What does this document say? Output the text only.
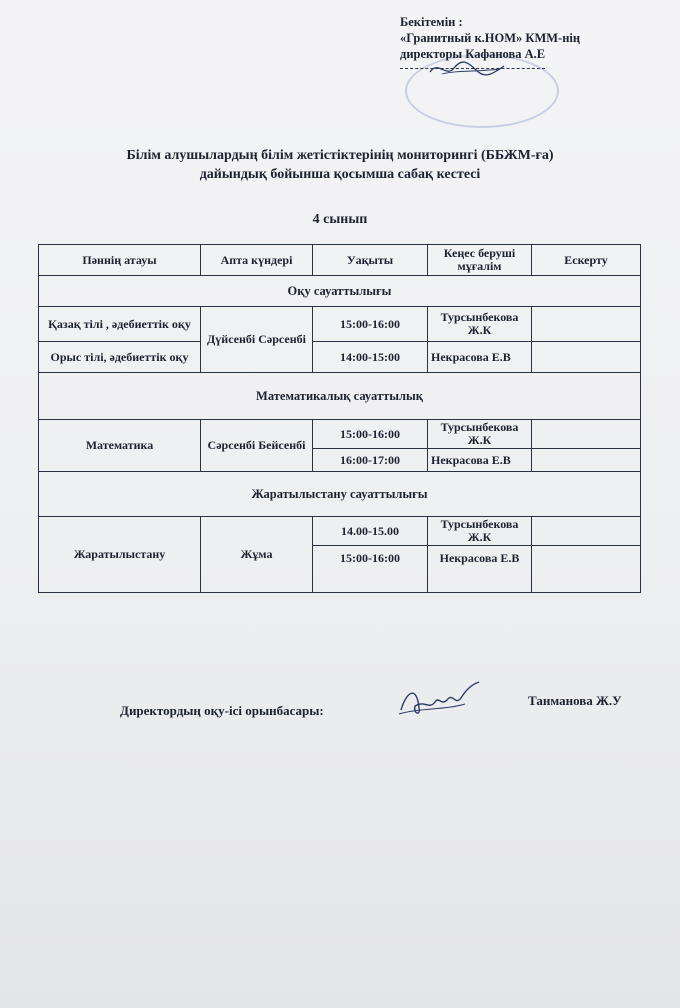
Бекітемін :
«Гранитный к.НОМ» КММ-нің
директоры Кафанова А.Е
Білім алушылардың білім жетістіктерінің мониторингі (ББЖМ-ға)
дайындық бойынша қосымша сабақ кестесі
4 сынып
Пәннің атауы	Апта күндері	Уақыты	Кеңес беруші мұғалім	Ескерту
Оқу сауаттылығы				
Қазақ тілі , әдебиеттік оқу	Дүйсенбі Сәрсенбі	15:00-16:00	Турсынбекова Ж.К	
Орыс тілі, әдебиеттік оқу		14:00-15:00	Некрасова Е.В	
Математикалық сауаттылық				
Математика	Сәрсенбі Бейсенбі	15:00-16:00	Турсынбекова Ж.К	
		16:00-17:00	Некрасова Е.В	
Жаратылыстану сауаттылығы				
Жаратылыстану	Жұма	14.00-15.00	Турсынбекова Ж.К	
		15:00-16:00	Некрасова Е.В	
Директордың оқу-ісі орынбасары:
Танманова Ж.У
